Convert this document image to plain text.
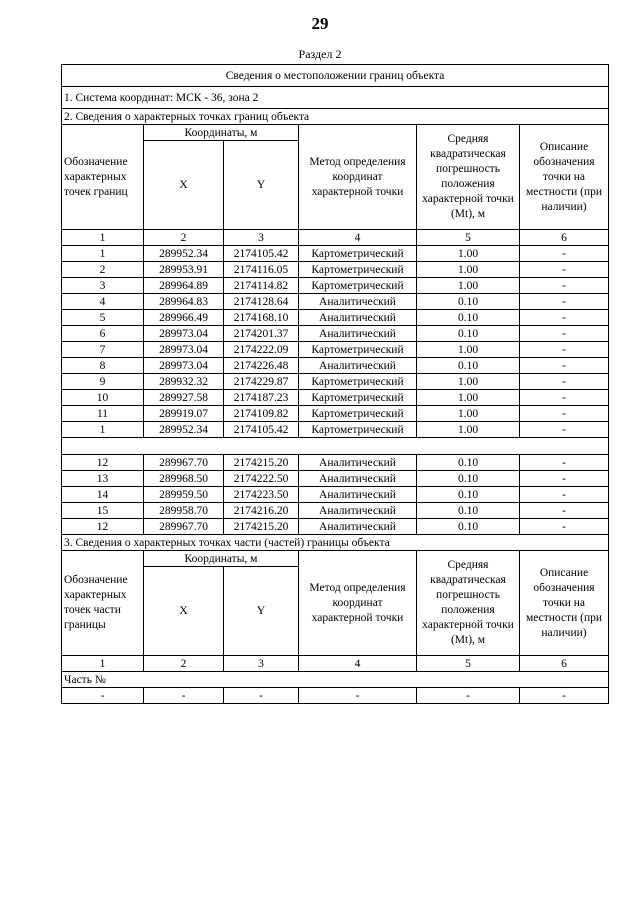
29
Раздел 2
Сведения о местоположении границ объекта					
1. Система координат: МСК - 36, зона 2					
2. Сведения о характерных точках границ объекта					
Обозначение характерных точек границ	Координаты, м		Метод определения координат характерной точки	Средняя квадратическая погрешность положения характерной точки (Mt), м	Описание обозначения точки на местности (при наличии)
	X	Y			
1	2	3	4	5	6
1	289952.34	2174105.42	Картометрический	1.00	-
2	289953.91	2174116.05	Картометрический	1.00	-
3	289964.89	2174114.82	Картометрический	1.00	-
4	289964.83	2174128.64	Аналитический	0.10	-
5	289966.49	2174168.10	Аналитический	0.10	-
6	289973.04	2174201.37	Аналитический	0.10	-
7	289973.04	2174222.09	Картометрический	1.00	-
8	289973.04	2174226.48	Аналитический	0.10	-
9	289932.32	2174229.87	Картометрический	1.00	-
10	289927.58	2174187.23	Картометрический	1.00	-
11	289919.07	2174109.82	Картометрический	1.00	-
1	289952.34	2174105.42	Картометрический	1.00	-

12	289967.70	2174215.20	Аналитический	0.10	-
13	289968.50	2174222.50	Аналитический	0.10	-
14	289959.50	2174223.50	Аналитический	0.10	-
15	289958.70	2174216.20	Аналитический	0.10	-
12	289967.70	2174215.20	Аналитический	0.10	-
3. Сведения о характерных точках части (частей) границы объекта					

Обозначение характерных точек части границы	Координаты, м		Метод определения координат характерной точки	Средняя квадратическая погрешность положения характерной точки (Mt), м	Описание обозначения точки на местности (при наличии)
	X	Y			
1	2	3	4	5	6
Часть №					
-	-	-	-	-	-
